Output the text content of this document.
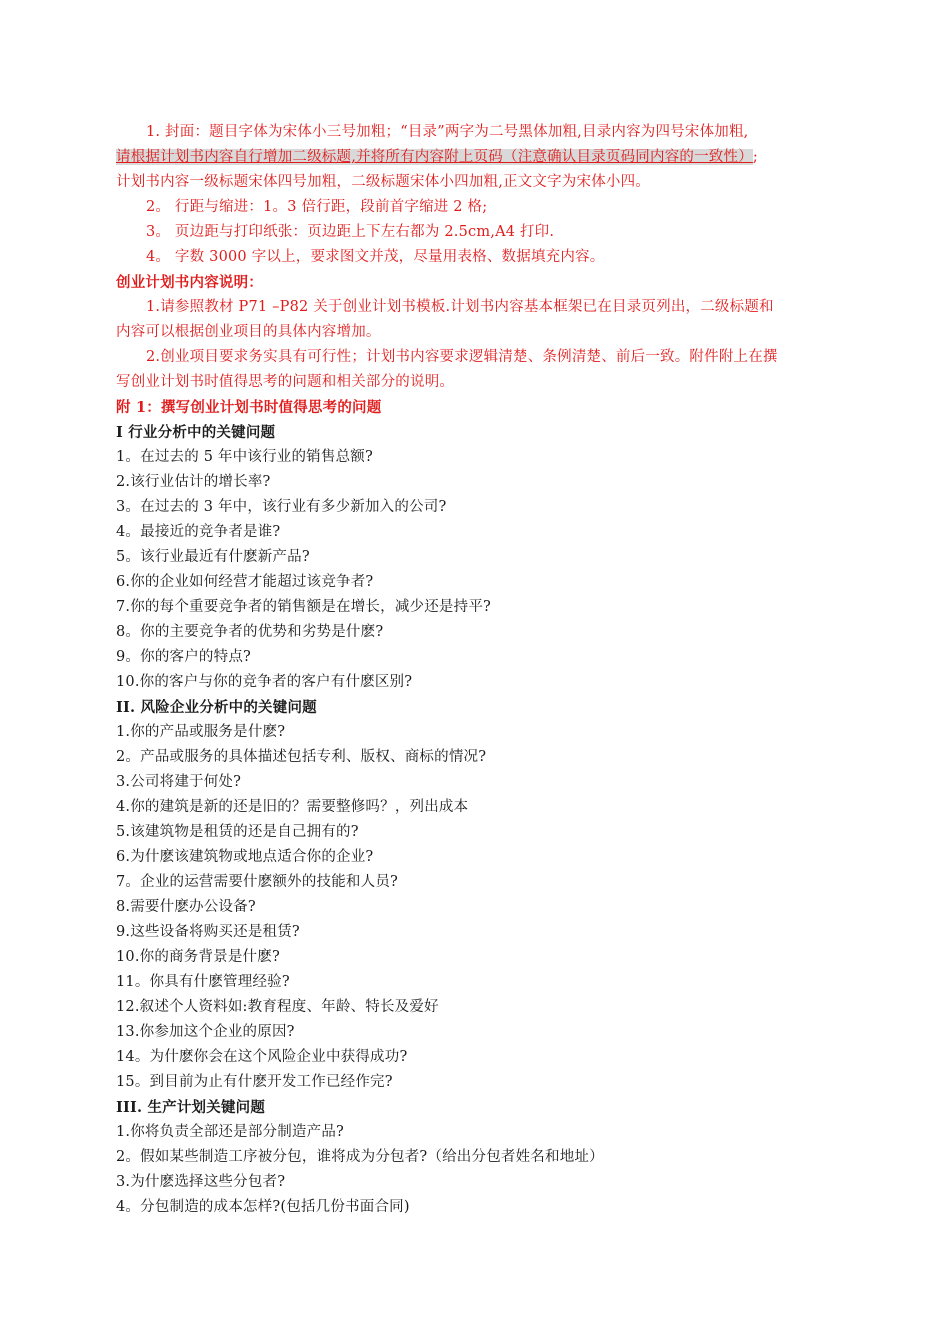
1. 封面：题目字体为宋体小三号加粗；“目录”两字为二号黑体加粗,目录内容为四号宋体加粗,
请根据计划书内容自行增加二级标题,并将所有内容附上页码（注意确认目录页码同内容的一致性）;
计划书内容一级标题宋体四号加粗，二级标题宋体小四加粗,正文文字为宋体小四。
2。 行距与缩进：1。3 倍行距，段前首字缩进 2 格;
3。 页边距与打印纸张：页边距上下左右都为 2.5cm,A4 打印.
4。 字数 3000 字以上，要求图文并茂，尽量用表格、数据填充内容。
创业计划书内容说明：
1.请参照教材 P71 –P82 关于创业计划书模板.计划书内容基本框架已在目录页列出，二级标题和
内容可以根据创业项目的具体内容增加。
2.创业项目要求务实具有可行性；计划书内容要求逻辑清楚、条例清楚、前后一致。附件附上在撰
写创业计划书时值得思考的问题和相关部分的说明。
附 1：撰写创业计划书时值得思考的问题
I 行业分析中的关键问题
1。在过去的 5 年中该行业的销售总额?
2.该行业估计的增长率?
3。在过去的 3 年中，该行业有多少新加入的公司?
4。最接近的竞争者是谁?
5。该行业最近有什麽新产品?
6.你的企业如何经营才能超过该竞争者?
7.你的每个重要竞争者的销售额是在增长，减少还是持平?
8。你的主要竞争者的优势和劣势是什麽?
9。你的客户的特点?
10.你的客户与你的竞争者的客户有什麽区别?
II. 风险企业分析中的关键问题
1.你的产品或服务是什麽?
2。产品或服务的具体描述包括专利、版权、商标的情况?
3.公司将建于何处?
4.你的建筑是新的还是旧的？需要整修吗？，列出成本
5.该建筑物是租赁的还是自己拥有的?
6.为什麽该建筑物或地点适合你的企业?
7。企业的运营需要什麽额外的技能和人员?
8.需要什麽办公设备?
9.这些设备将购买还是租赁?
10.你的商务背景是什麽?
11。你具有什麽管理经验?
12.叙述个人资料如:教育程度、年龄、特长及爱好
13.你参加这个企业的原因?
14。为什麽你会在这个风险企业中获得成功?
15。到目前为止有什麽开发工作已经作完?
III. 生产计划关键问题
1.你将负责全部还是部分制造产品?
2。假如某些制造工序被分包，谁将成为分包者?（给出分包者姓名和地址）
3.为什麽选择这些分包者?
4。分包制造的成本怎样?(包括几份书面合同)
